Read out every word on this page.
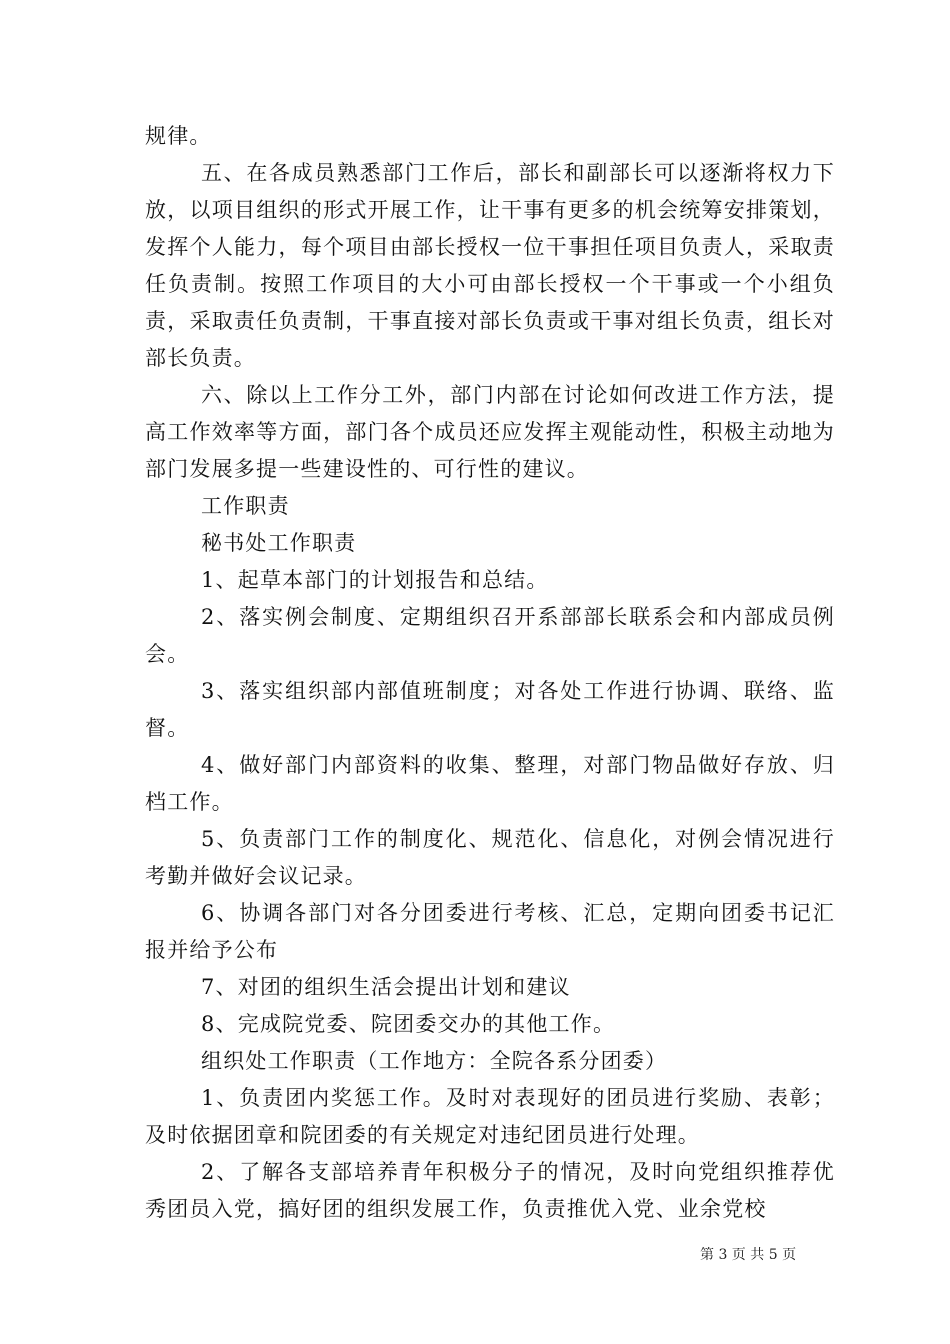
规律。

五、在各成员熟悉部门工作后，部长和副部长可以逐渐将权力下放，以项目组织的形式开展工作，让干事有更多的机会统筹安排策划，发挥个人能力，每个项目由部长授权一位干事担任项目负责人，采取责任负责制。按照工作项目的大小可由部长授权一个干事或一个小组负责，采取责任负责制，干事直接对部长负责或干事对组长负责，组长对部长负责。

六、除以上工作分工外，部门内部在讨论如何改进工作方法，提高工作效率等方面，部门各个成员还应发挥主观能动性，积极主动地为部门发展多提一些建设性的、可行性的建议。

工作职责

秘书处工作职责

1、起草本部门的计划报告和总结。

2、落实例会制度、定期组织召开系部部长联系会和内部成员例会。

3、落实组织部内部值班制度；对各处工作进行协调、联络、监督。

4、做好部门内部资料的收集、整理，对部门物品做好存放、归档工作。

5、负责部门工作的制度化、规范化、信息化，对例会情况进行考勤并做好会议记录。

6、协调各部门对各分团委进行考核、汇总，定期向团委书记汇报并给予公布

7、对团的组织生活会提出计划和建议

8、完成院党委、院团委交办的其他工作。

组织处工作职责（工作地方：全院各系分团委）

1、负责团内奖惩工作。及时对表现好的团员进行奖励、表彰；及时依据团章和院团委的有关规定对违纪团员进行处理。

2、了解各支部培养青年积极分子的情况，及时向党组织推荐优秀团员入党，搞好团的组织发展工作，负责推优入党、业余党校

第 3 页 共 5 页
